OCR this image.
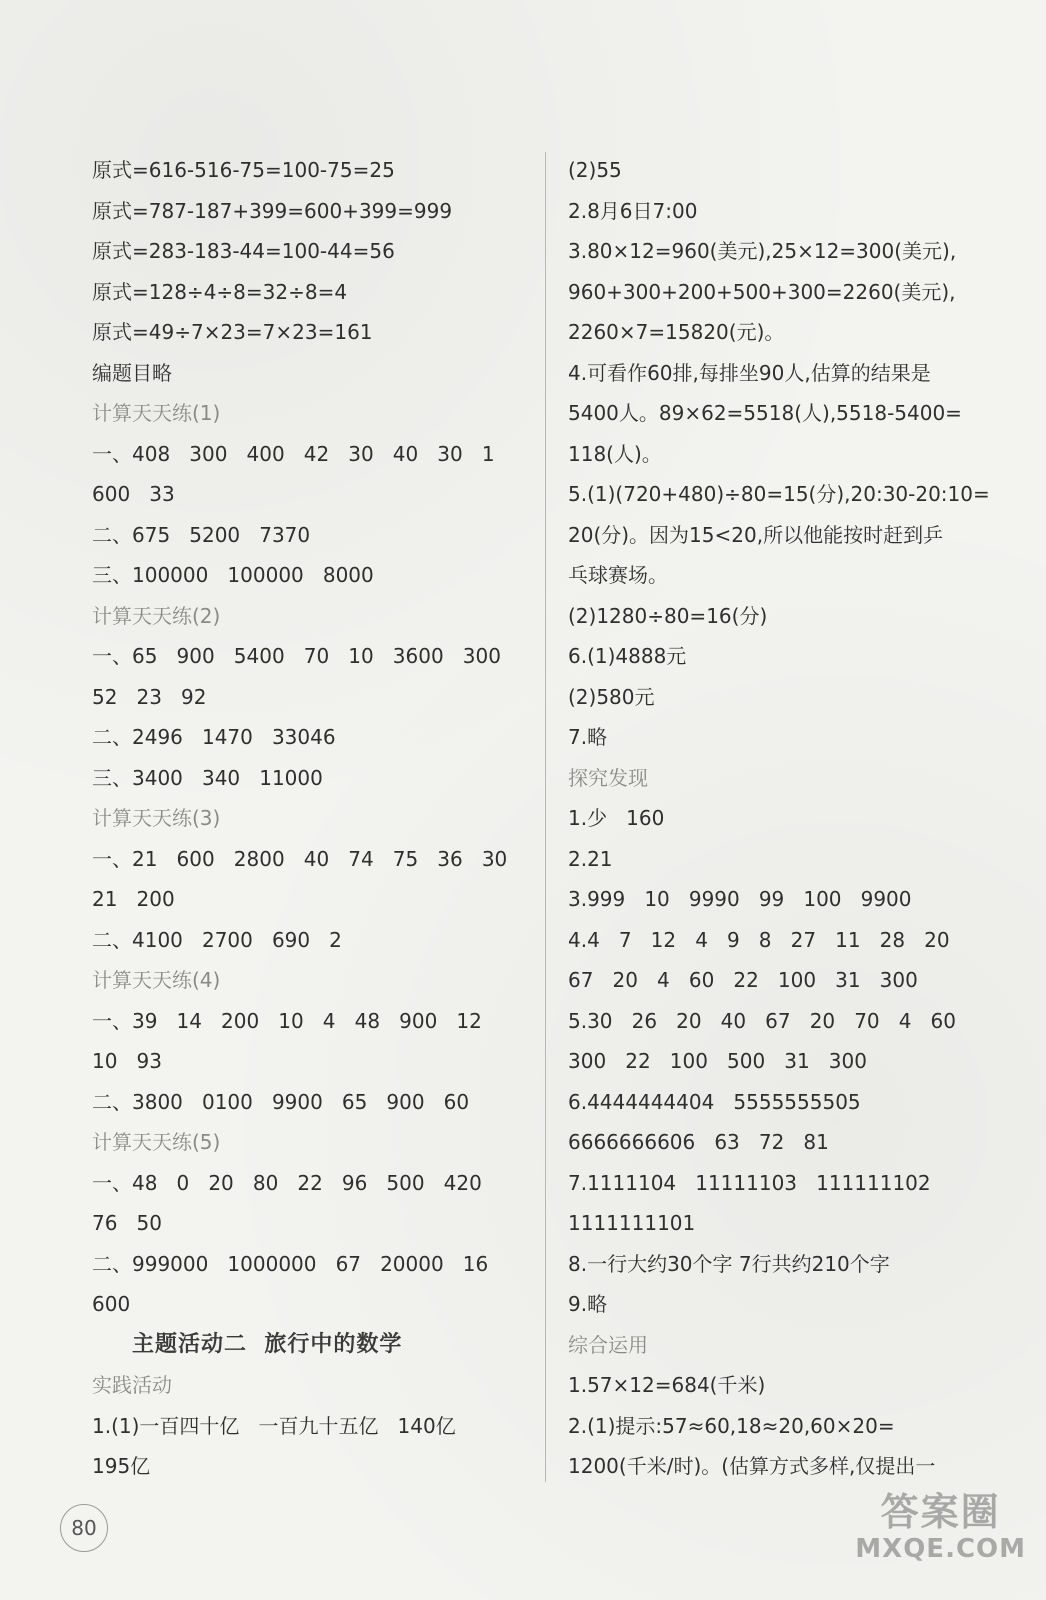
原式=616-516-75=100-75=25
原式=787-187+399=600+399=999
原式=283-183-44=100-44=56
原式=128÷4÷8=32÷8=4
原式=49÷7×23=7×23=161
编题目略
计算天天练(1)
一、408   300   400   42   30   40   30   1
600   33
二、675   5200   7370
三、100000   100000   8000
计算天天练(2)
一、65   900   5400   70   10   3600   300
52   23   92
二、2496   1470   33046
三、3400   340   11000
计算天天练(3)
一、21   600   2800   40   74   75   36   30
21   200
二、4100   2700   690   2
计算天天练(4)
一、39   14   200   10   4   48   900   12
10   93
二、3800   0100   9900   65   900   60
计算天天练(5)
一、48   0   20   80   22   96   500   420
76   50
二、999000   1000000   67   20000   16
600
主题活动二  旅行中的数学
实践活动
1.(1)一百四十亿   一百九十五亿   140亿
195亿
(2)55
2.8月6日7:00
3.80×12=960(美元),25×12=300(美元),
960+300+200+500+300=2260(美元),
2260×7=15820(元)。
4.可看作60排,每排坐90人,估算的结果是
5400人。89×62=5518(人),5518-5400=
118(人)。
5.(1)(720+480)÷80=15(分),20:30-20:10=
20(分)。因为15<20,所以他能按时赶到乒
乓球赛场。
(2)1280÷80=16(分)
6.(1)4888元
(2)580元
7.略
探究发现
1.少   160
2.21
3.999   10   9990   99   100   9900
4.4   7   12   4   9   8   27   11   28   20
67   20   4   60   22   100   31   300
5.30   26   20   40   67   20   70   4   60
300   22   100   500   31   300
6.4444444404   5555555505
6666666606   63   72   81
7.1111104   11111103   111111102
1111111101
8.一行大约30个字 7行共约210个字
9.略
综合运用
1.57×12=684(千米)
2.(1)提示:57≈60,18≈20,60×20=
1200(千米/时)。(估算方式多样,仅提出一
80	答案圈
MXQE.COM
